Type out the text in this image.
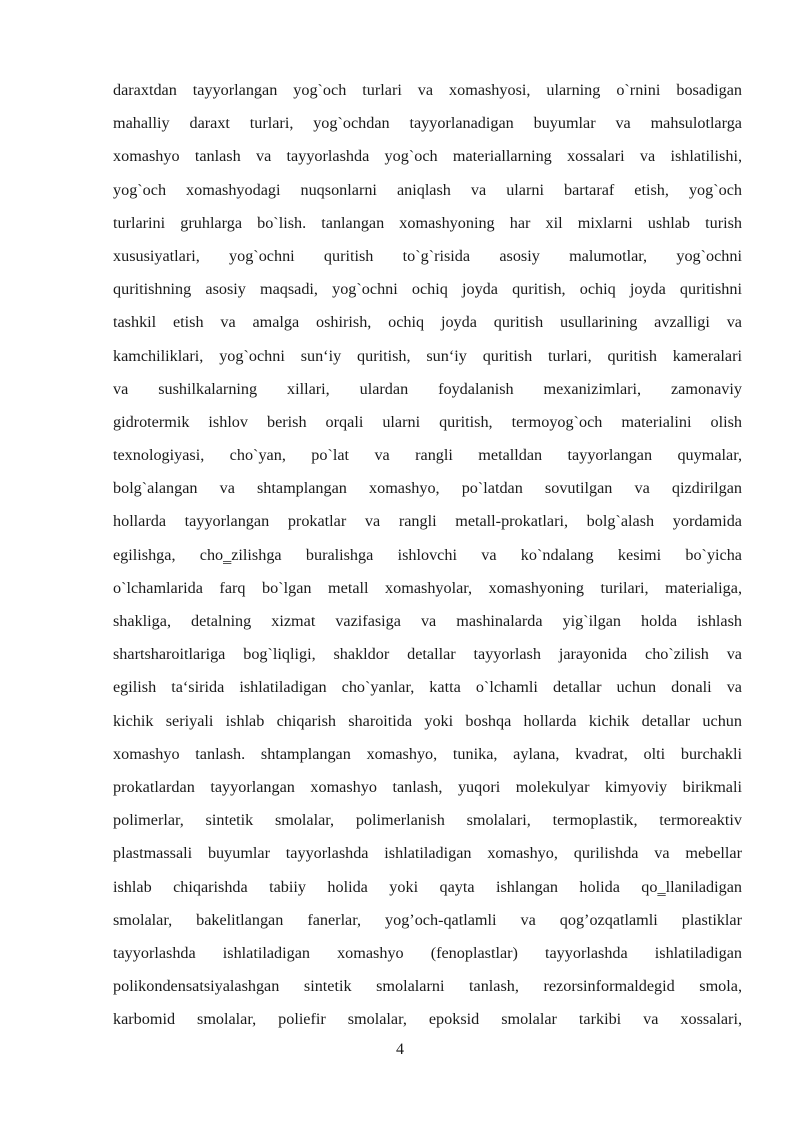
daraxtdan tayyorlangan yog`och turlari va xomashyosi, ularning o`rnini bosadigan
mahalliy daraxt turlari, yog`ochdan tayyorlanadigan buyumlar va mahsulotlarga
xomashyo tanlash va tayyorlashda yog`och materiallarning xossalari va ishlatilishi,
yog`och xomashyodagi nuqsonlarni aniqlash va ularni bartaraf etish, yog`och
turlarini gruhlarga bo`lish. tanlangan xomashyoning har xil mixlarni ushlab turish
xususiyatlari, yog`ochni quritish to`g`risida asosiy malumotlar, yog`ochni
quritishning asosiy maqsadi, yog`ochni ochiq joyda quritish, ochiq joyda quritishni
tashkil etish va amalga oshirish, ochiq joyda quritish usullarining avzalligi va
kamchiliklari, yog`ochni sun‘iy quritish, sun‘iy quritish turlari, quritish kameralari
va sushilkalarning xillari, ulardan foydalanish mexanizimlari, zamonaviy
gidrotermik ishlov berish orqali ularni quritish, termoyog`och materialini olish
texnologiyasi, cho`yan, po`lat va rangli metalldan tayyorlangan quymalar,
bolg`alangan va shtamplangan xomashyo, po`latdan sovutilgan va qizdirilgan
hollarda tayyorlangan prokatlar va rangli metall-prokatlari, bolg`alash yordamida
egilishga, cho‗zilishga buralishga ishlovchi va ko`ndalang kesimi bo`yicha
o`lchamlarida farq bo`lgan metall xomashyolar, xomashyoning turilari, materialiga,
shakliga, detalning xizmat vazifasiga va mashinalarda yig`ilgan holda ishlash
shartsharoitlariga bog`liqligi, shakldor detallar tayyorlash jarayonida cho`zilish va
egilish ta‘sirida ishlatiladigan cho`yanlar, katta o`lchamli detallar uchun donali va
kichik seriyali ishlab chiqarish sharoitida yoki boshqa hollarda kichik detallar uchun
xomashyo tanlash. shtamplangan xomashyo, tunika, aylana, kvadrat, olti burchakli
prokatlardan tayyorlangan xomashyo tanlash, yuqori molekulyar kimyoviy birikmali
polimerlar, sintetik smolalar, polimerlanish smolalari, termoplastik, termoreaktiv
plastmassali buyumlar tayyorlashda ishlatiladigan xomashyo, qurilishda va mebellar
ishlab chiqarishda tabiiy holida yoki qayta ishlangan holida qo‗llaniladigan
smolalar, bakelitlangan fanerlar, yog’och-qatlamli va qog’ozqatlamli plastiklar
tayyorlashda ishlatiladigan xomashyo (fenoplastlar) tayyorlashda ishlatiladigan
polikondensatsiyalashgan sintetik smolalarni tanlash, rezorsinformaldegid smola,
karbomid smolalar, poliefir smolalar, epoksid smolalar tarkibi va xossalari,
4
